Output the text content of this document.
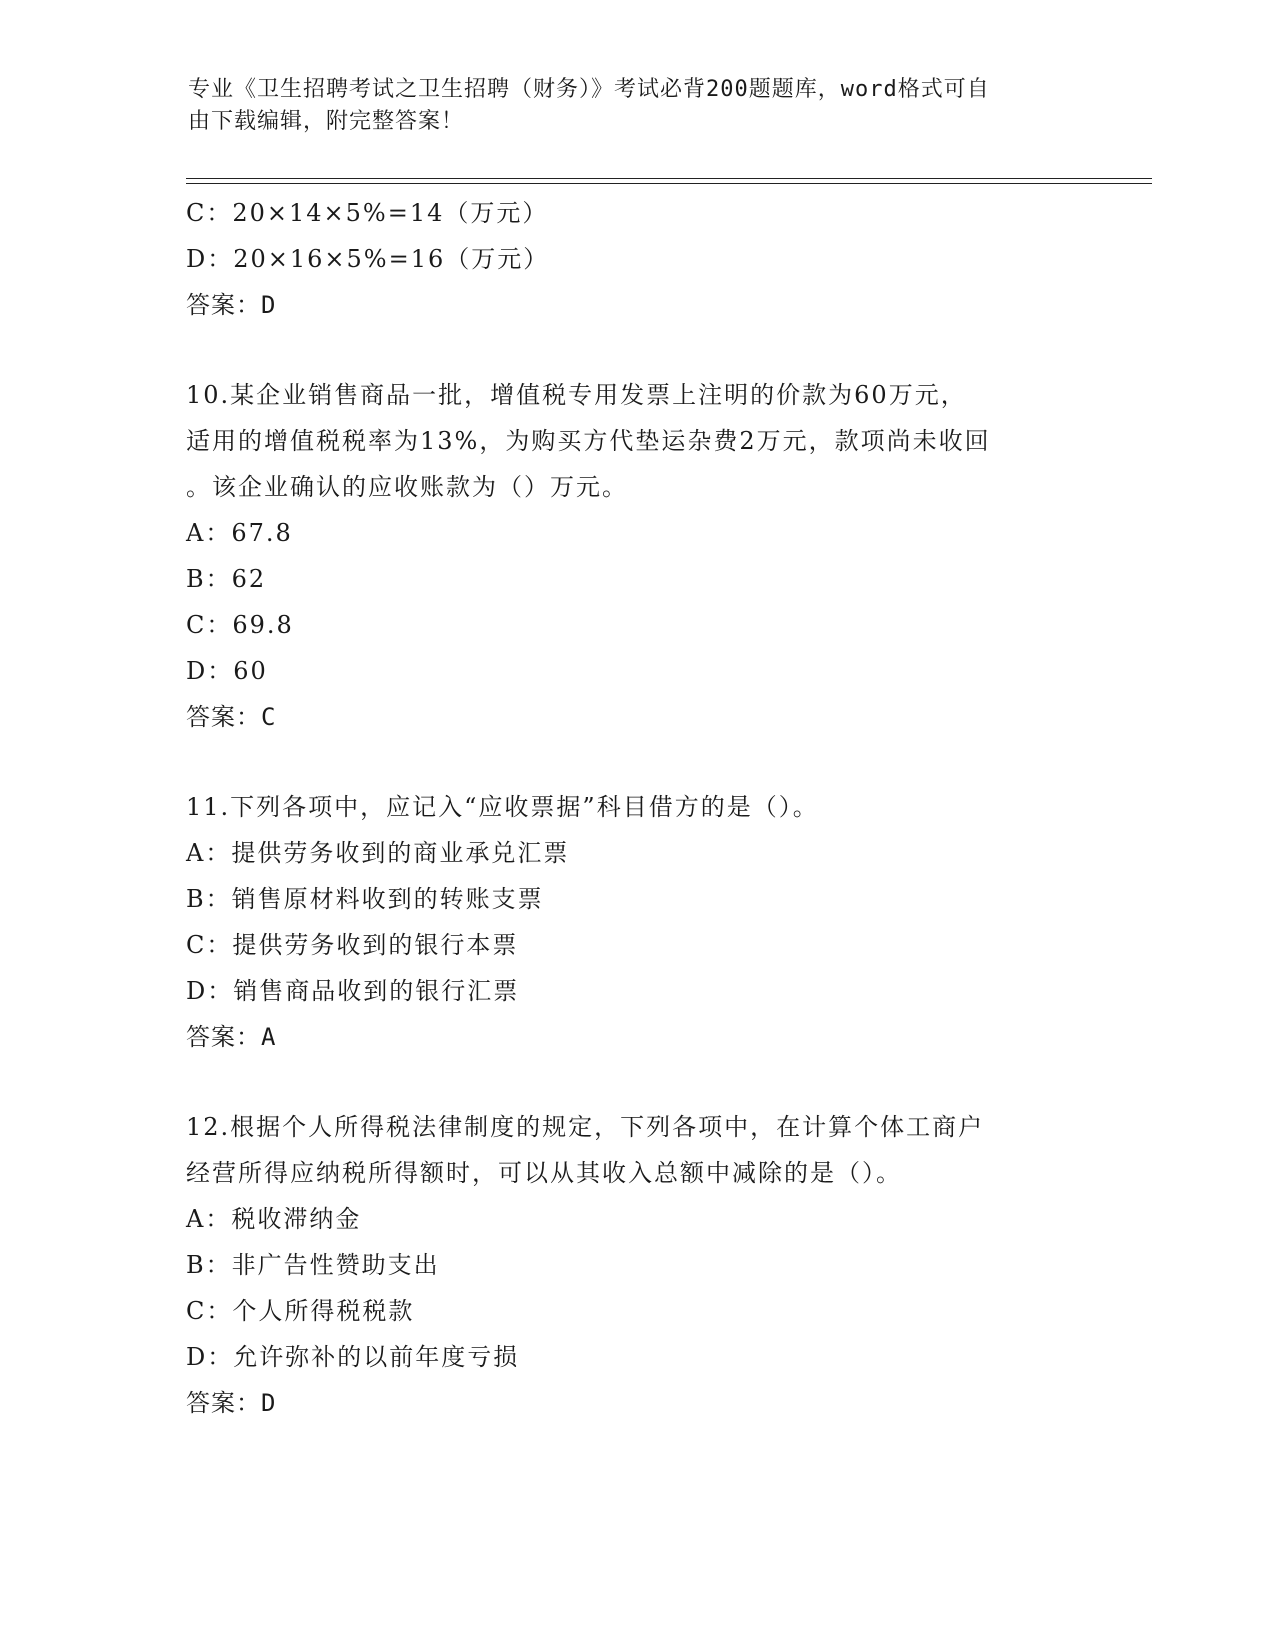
专业《卫生招聘考试之卫生招聘（财务）》考试必背200题题库，word格式可自
由下载编辑，附完整答案！
C：20×14×5%=14（万元）
D：20×16×5%=16（万元）
答案：D
10.某企业销售商品一批，增值税专用发票上注明的价款为60万元，
适用的增值税税率为13%，为购买方代垫运杂费2万元，款项尚未收回
。该企业确认的应收账款为（）万元。
A：67.8
B：62
C：69.8
D：60
答案：C
11.下列各项中，应记入“应收票据”科目借方的是（）。
A：提供劳务收到的商业承兑汇票
B：销售原材料收到的转账支票
C：提供劳务收到的银行本票
D：销售商品收到的银行汇票
答案：A
12.根据个人所得税法律制度的规定，下列各项中，在计算个体工商户
经营所得应纳税所得额时，可以从其收入总额中减除的是（）。
A：税收滞纳金
B：非广告性赞助支出
C：个人所得税税款
D：允许弥补的以前年度亏损
答案：D
